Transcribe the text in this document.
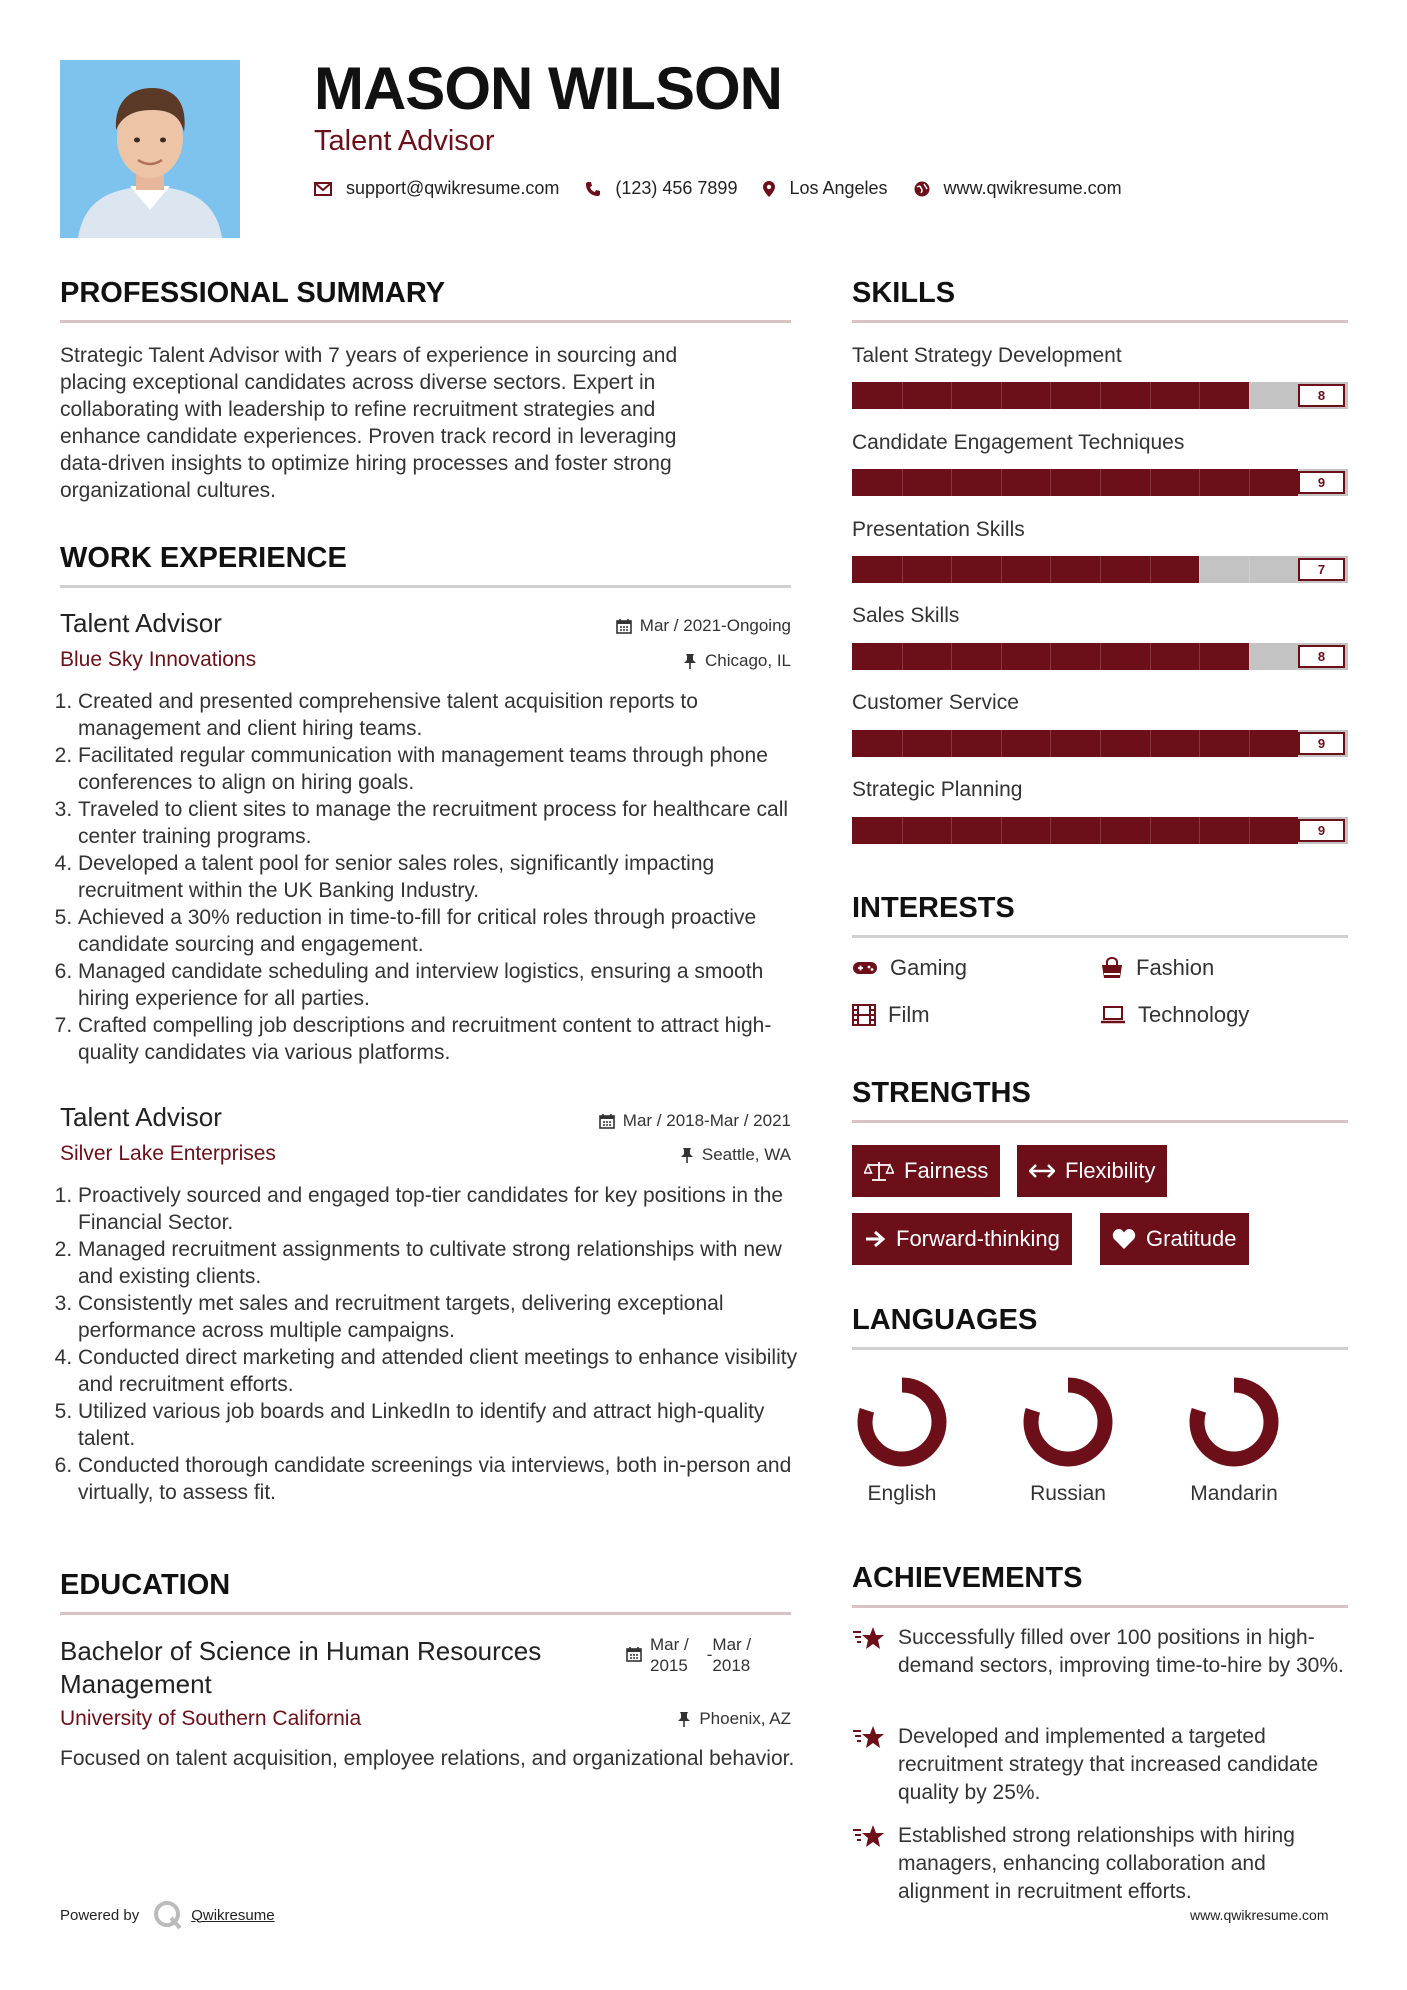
MASON WILSON
Talent Advisor
support@qwikresume.com	(123) 456 7899	Los Angeles	www.qwikresume.com
PROFESSIONAL SUMMARY
Strategic Talent Advisor with 7 years of experience in sourcing and
placing exceptional candidates across diverse sectors. Expert in
collaborating with leadership to refine recruitment strategies and
enhance candidate experiences. Proven track record in leveraging
data-driven insights to optimize hiring processes and foster strong
organizational cultures.
WORK EXPERIENCE
Talent Advisor	Mar / 2021-Ongoing
Blue Sky Innovations	Chicago, IL
1. Created and presented comprehensive talent acquisition reports to management and client hiring teams.
2. Facilitated regular communication with management teams through phone conferences to align on hiring goals.
3. Traveled to client sites to manage the recruitment process for healthcare call center training programs.
4. Developed a talent pool for senior sales roles, significantly impacting recruitment within the UK Banking Industry.
5. Achieved a 30% reduction in time-to-fill for critical roles through proactive candidate sourcing and engagement.
6. Managed candidate scheduling and interview logistics, ensuring a smooth hiring experience for all parties.
7. Crafted compelling job descriptions and recruitment content to attract high-quality candidates via various platforms.
Talent Advisor	Mar / 2018-Mar / 2021
Silver Lake Enterprises	Seattle, WA
1. Proactively sourced and engaged top-tier candidates for key positions in the Financial Sector.
2. Managed recruitment assignments to cultivate strong relationships with new and existing clients.
3. Consistently met sales and recruitment targets, delivering exceptional performance across multiple campaigns.
4. Conducted direct marketing and attended client meetings to enhance visibility and recruitment efforts.
5. Utilized various job boards and LinkedIn to identify and attract high-quality talent.
6. Conducted thorough candidate screenings via interviews, both in-person and virtually, to assess fit.
EDUCATION
Bachelor of Science in Human Resources
Management
Mar /
2015
-
Mar /
2018
University of Southern California	Phoenix, AZ
Focused on talent acquisition, employee relations, and organizational behavior.
SKILLS
Talent Strategy Development
8
Candidate Engagement Techniques
9
Presentation Skills
7
Sales Skills
8
Customer Service
9
Strategic Planning
9
INTERESTS
Gaming	Fashion
Film	Technology
STRENGTHS
Fairness	Flexibility
Forward-thinking	Gratitude
LANGUAGES
English	Russian	Mandarin
ACHIEVEMENTS
Successfully filled over 100 positions in high-demand sectors, improving time-to-hire by 30%.
Developed and implemented a targeted recruitment strategy that increased candidate quality by 25%.
Established strong relationships with hiring managers, enhancing collaboration and alignment in recruitment efforts.
Powered by	Qwikresume	www.qwikresume.com
